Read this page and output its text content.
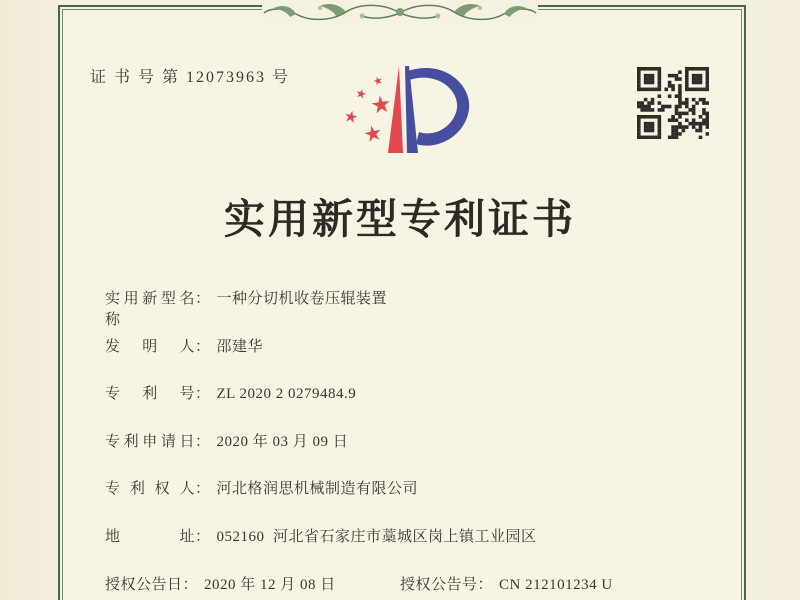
证 书 号 第 12073963 号
实用新型专利证书
实用新型名称： 一种分切机收卷压辊装置
发明人： 邵建华
专利号： ZL 2020 2 0279484.9
专利申请日： 2020 年 03 月 09 日
专利权人： 河北格润思机械制造有限公司
地址： 052160  河北省石家庄市藁城区岗上镇工业园区
授权公告日： 2020 年 12 月 08 日	授权公告号： CN 212101234 U
